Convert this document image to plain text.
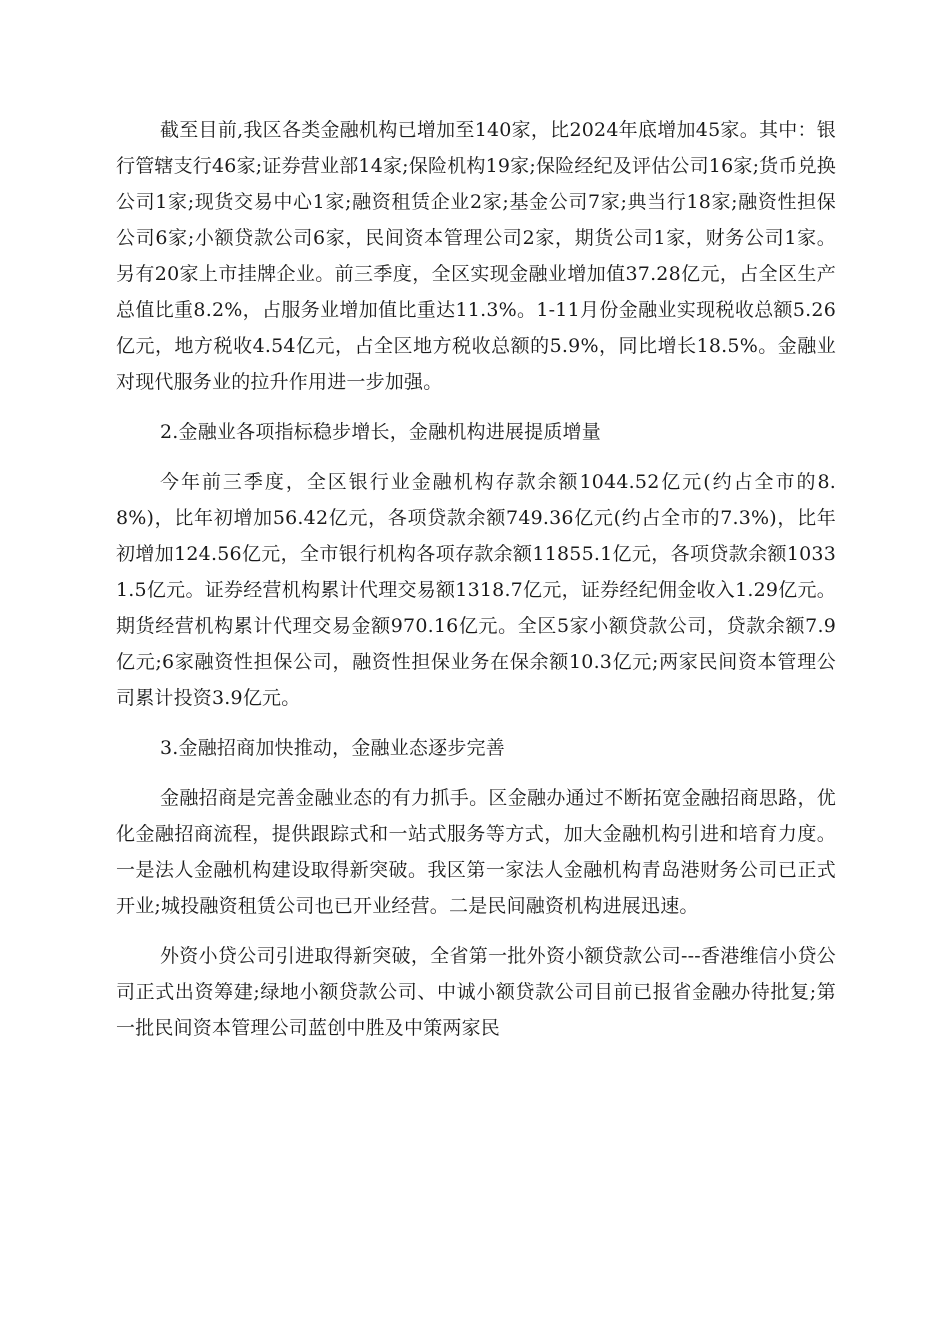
截至目前,我区各类金融机构已增加至140家，比2024年底增加45家。其中：银行管辖支行46家;证券营业部14家;保险机构19家;保险经纪及评估公司16家;货币兑换公司1家;现货交易中心1家;融资租赁企业2家;基金公司7家;典当行18家;融资性担保公司6家;小额贷款公司6家，民间资本管理公司2家，期货公司1家，财务公司1家。另有20家上市挂牌企业。前三季度，全区实现金融业增加值37.28亿元，占全区生产总值比重8.2%，占服务业增加值比重达11.3%。1-11月份金融业实现税收总额5.26亿元，地方税收4.54亿元，占全区地方税收总额的5.9%，同比增长18.5%。金融业对现代服务业的拉升作用进一步加强。

2.金融业各项指标稳步增长，金融机构进展提质增量

今年前三季度，全区银行业金融机构存款余额1044.52亿元(约占全市的8.8%)，比年初增加56.42亿元，各项贷款余额749.36亿元(约占全市的7.3%)，比年初增加124.56亿元，全市银行机构各项存款余额11855.1亿元，各项贷款余额10331.5亿元。证券经营机构累计代理交易额1318.7亿元，证券经纪佣金收入1.29亿元。期货经营机构累计代理交易金额970.16亿元。全区5家小额贷款公司，贷款余额7.9亿元;6家融资性担保公司，融资性担保业务在保余额10.3亿元;两家民间资本管理公司累计投资3.9亿元。

3.金融招商加快推动，金融业态逐步完善

金融招商是完善金融业态的有力抓手。区金融办通过不断拓宽金融招商思路，优化金融招商流程，提供跟踪式和一站式服务等方式，加大金融机构引进和培育力度。一是法人金融机构建设取得新突破。我区第一家法人金融机构青岛港财务公司已正式开业;城投融资租赁公司也已开业经营。二是民间融资机构进展迅速。

外资小贷公司引进取得新突破，全省第一批外资小额贷款公司---香港维信小贷公司正式出资筹建;绿地小额贷款公司、中诚小额贷款公司目前已报省金融办待批复;第一批民间资本管理公司蓝创中胜及中策两家民
